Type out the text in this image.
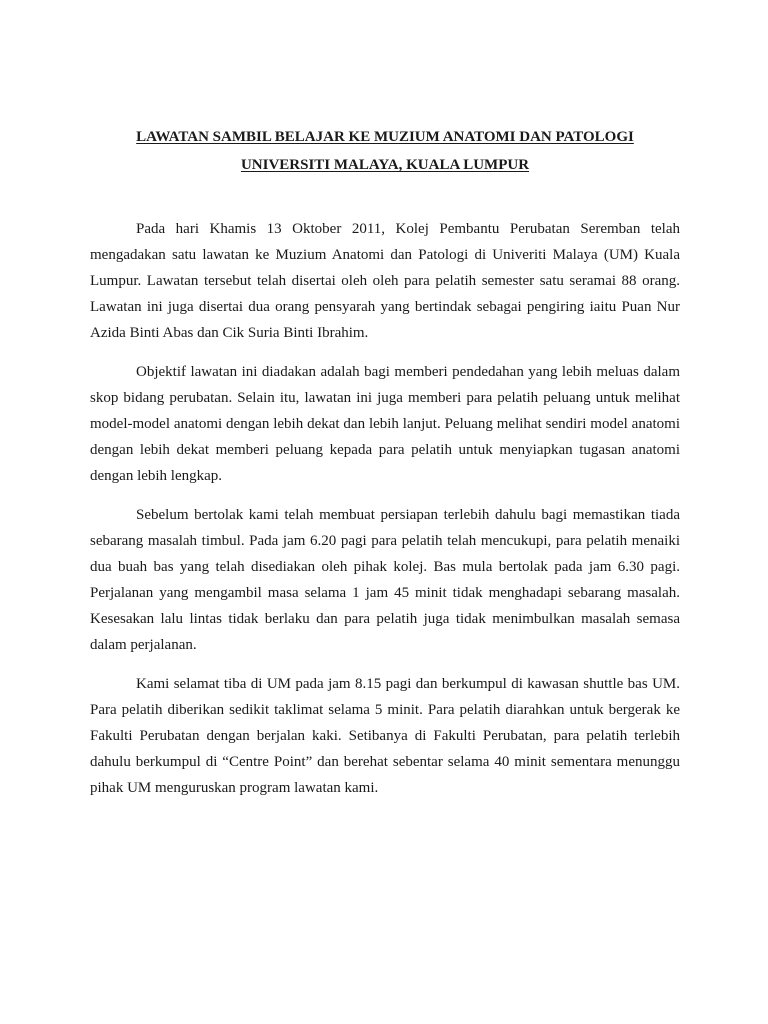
LAWATAN SAMBIL BELAJAR KE MUZIUM ANATOMI DAN PATOLOGI
UNIVERSITI MALAYA, KUALA LUMPUR

Pada hari Khamis 13 Oktober 2011, Kolej Pembantu Perubatan Seremban telah mengadakan satu lawatan ke Muzium Anatomi dan Patologi di Univeriti Malaya (UM) Kuala Lumpur. Lawatan tersebut telah disertai oleh oleh para pelatih semester satu seramai 88 orang. Lawatan ini juga disertai dua orang pensyarah yang bertindak sebagai pengiring iaitu Puan Nur Azida Binti Abas dan Cik Suria Binti Ibrahim.

Objektif lawatan ini diadakan adalah bagi memberi pendedahan yang lebih meluas dalam skop bidang perubatan. Selain itu, lawatan ini juga memberi para pelatih peluang untuk melihat model-model anatomi dengan lebih dekat dan lebih lanjut. Peluang melihat sendiri model anatomi dengan lebih dekat memberi peluang kepada para pelatih untuk menyiapkan tugasan anatomi dengan lebih lengkap.

Sebelum bertolak kami telah membuat persiapan terlebih dahulu bagi memastikan tiada sebarang masalah timbul. Pada jam 6.20 pagi para pelatih telah mencukupi, para pelatih menaiki dua buah bas yang telah disediakan oleh pihak kolej. Bas mula bertolak pada jam 6.30 pagi. Perjalanan yang mengambil masa selama 1 jam 45 minit tidak menghadapi sebarang masalah. Kesesakan lalu lintas tidak berlaku dan para pelatih juga tidak menimbulkan masalah semasa dalam perjalanan.

Kami selamat tiba di UM pada jam 8.15 pagi dan berkumpul di kawasan shuttle bas UM. Para pelatih diberikan sedikit taklimat selama 5 minit. Para pelatih diarahkan untuk bergerak ke Fakulti Perubatan dengan berjalan kaki. Setibanya di Fakulti Perubatan, para pelatih terlebih dahulu berkumpul di “Centre Point” dan berehat sebentar selama 40 minit sementara menunggu pihak UM menguruskan program lawatan kami.
